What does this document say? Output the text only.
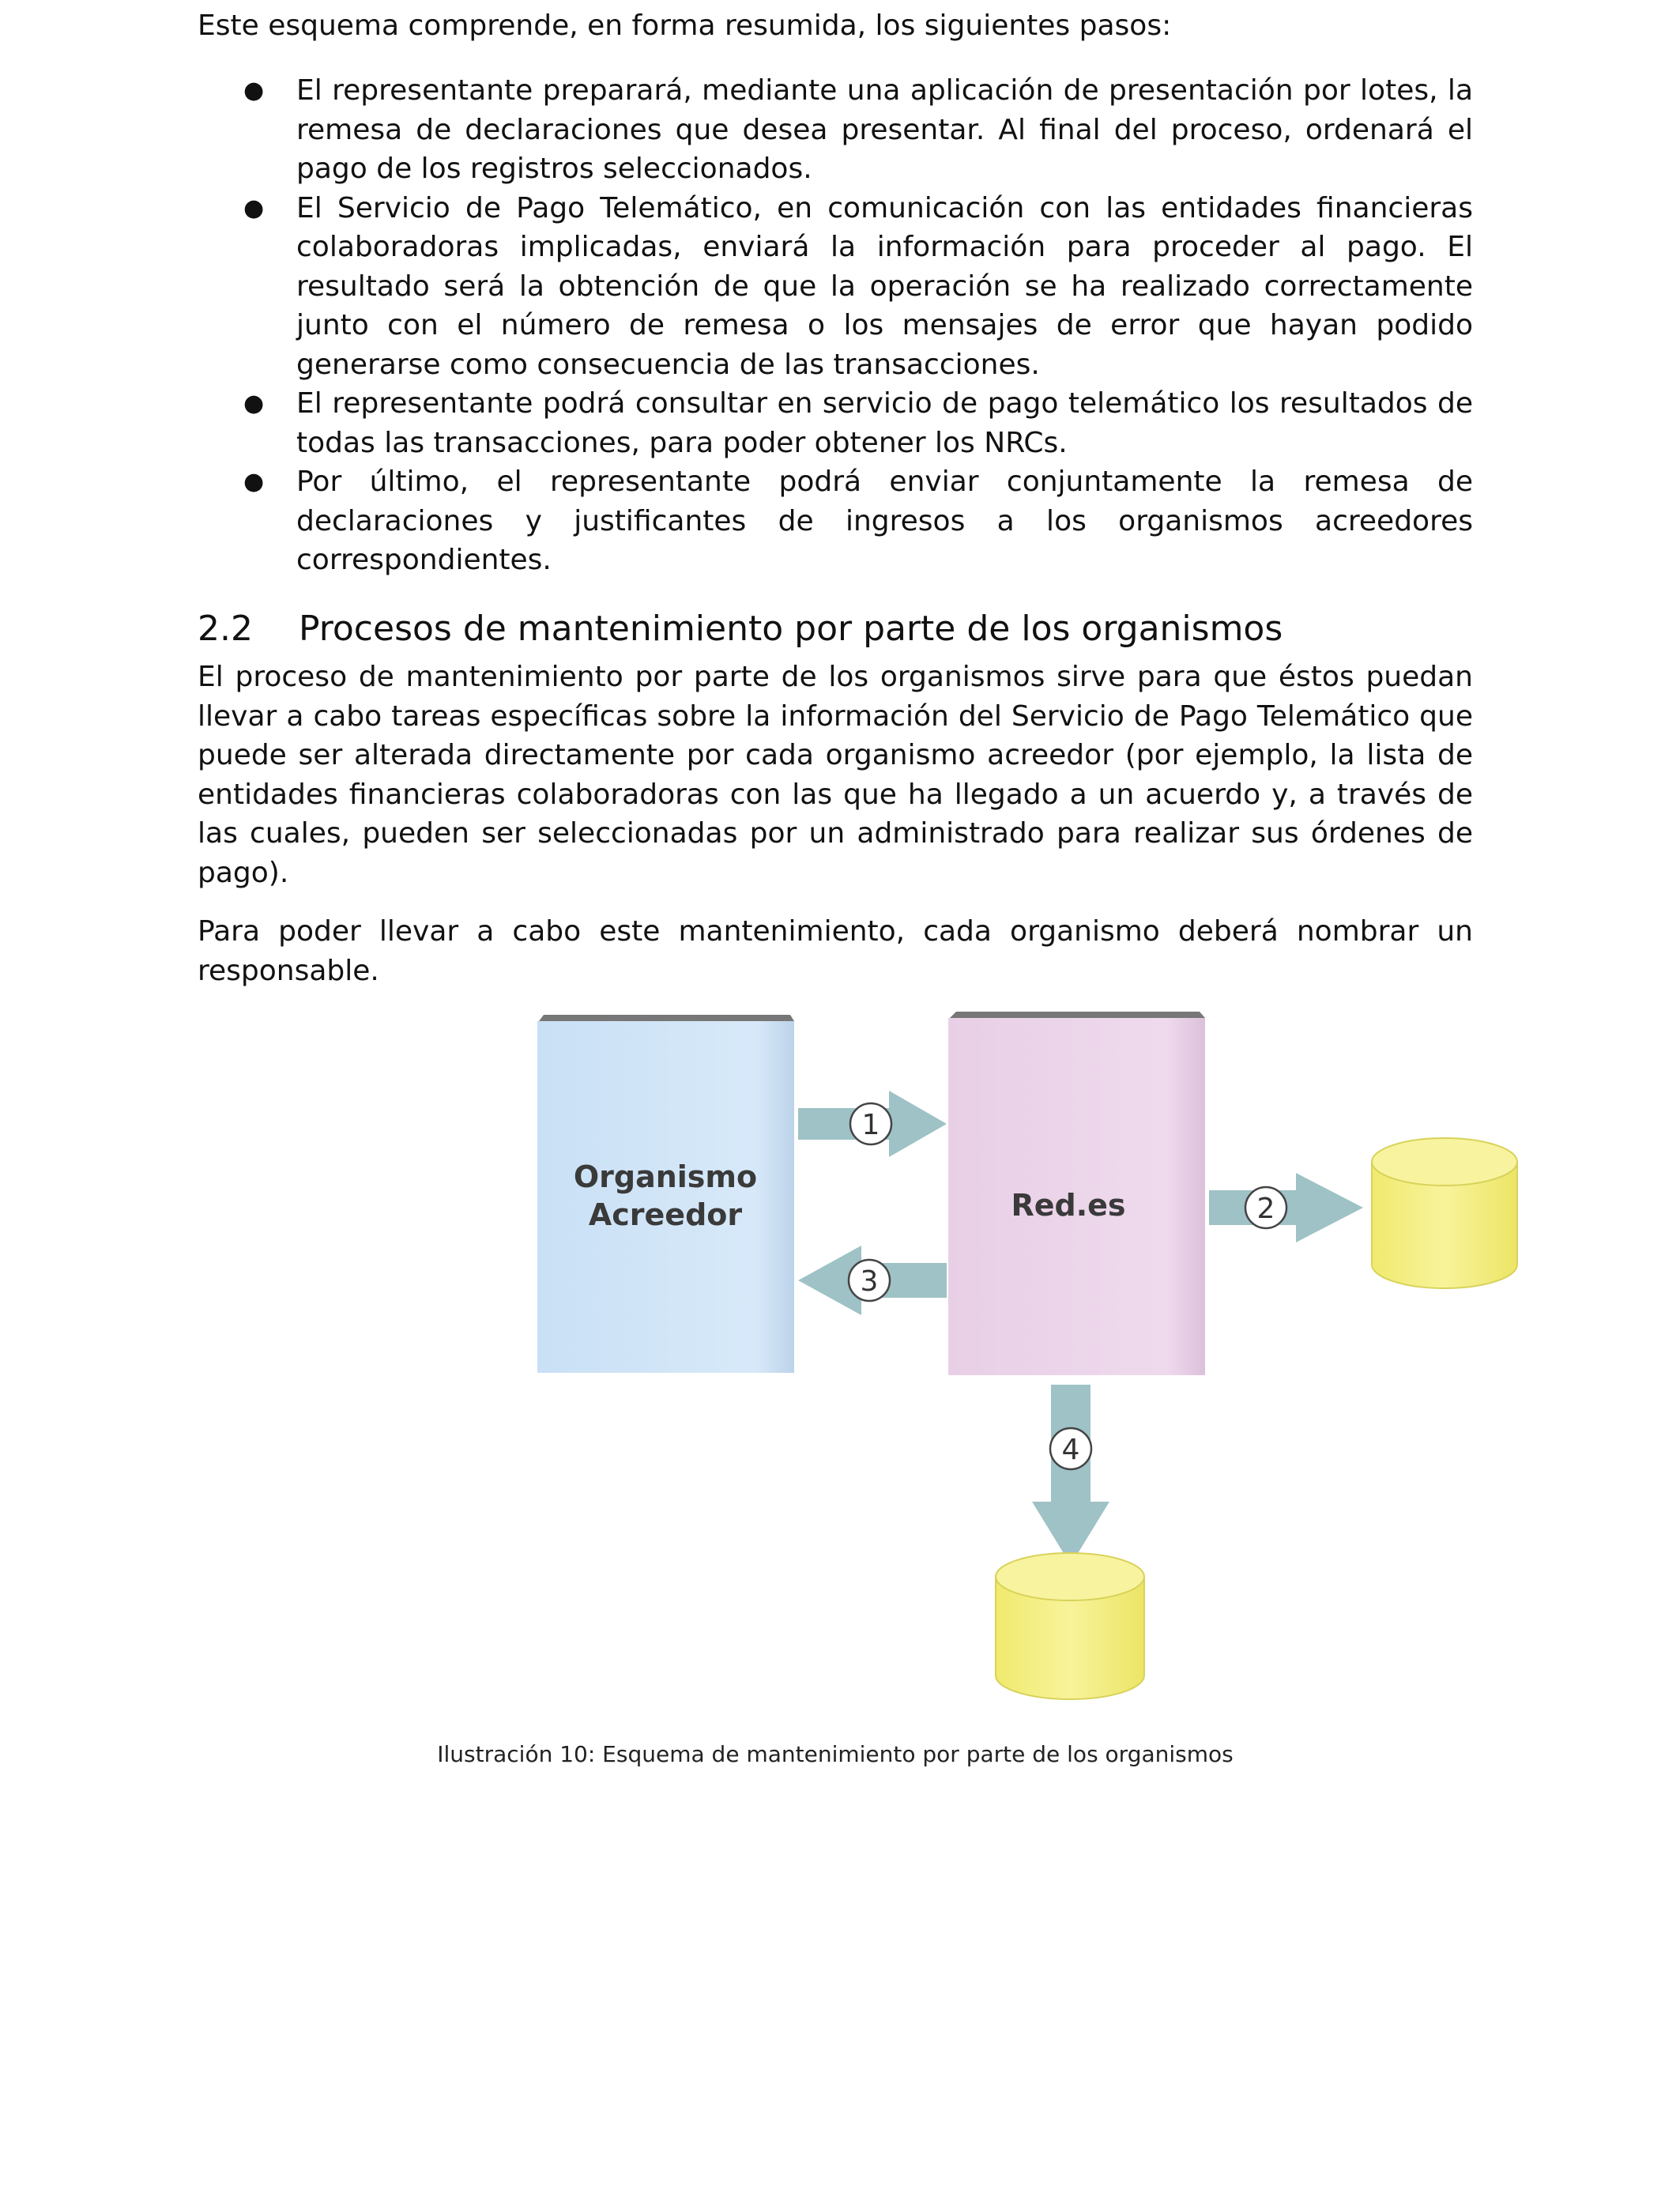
Este esquema comprende, en forma resumida, los siguientes pasos:

● El representante preparará, mediante una aplicación de presentación por lotes, la remesa de declaraciones que desea presentar. Al final del proceso, ordenará el pago de los registros seleccionados.
● El Servicio de Pago Telemático, en comunicación con las entidades financieras colaboradoras implicadas, enviará la información para proceder al pago. El resultado será la obtención de que la operación se ha realizado correctamente junto con el número de remesa o los mensajes de error que hayan podido generarse como consecuencia de las transacciones.
● El representante podrá consultar en servicio de pago telemático los resultados de todas las transacciones, para poder obtener los NRCs.
● Por último, el representante podrá enviar conjuntamente la remesa de declaraciones y justificantes de ingresos a los organismos acreedores correspondientes.
2.2 Procesos de mantenimiento por parte de los organismos

El proceso de mantenimiento por parte de los organismos sirve para que éstos puedan llevar a cabo tareas específicas sobre la información del Servicio de Pago Telemático que puede ser alterada directamente por cada organismo acreedor (por ejemplo, la lista de entidades financieras colaboradoras con las que ha llegado a un acuerdo y, a través de las cuales, pueden ser seleccionadas por un administrado para realizar sus órdenes de pago).

Para poder llevar a cabo este mantenimiento, cada organismo deberá nombrar un responsable.

Organismo
Acreedor	Red.es
1
3
2
4
Ilustración 10: Esquema de mantenimiento por parte de los organismos
